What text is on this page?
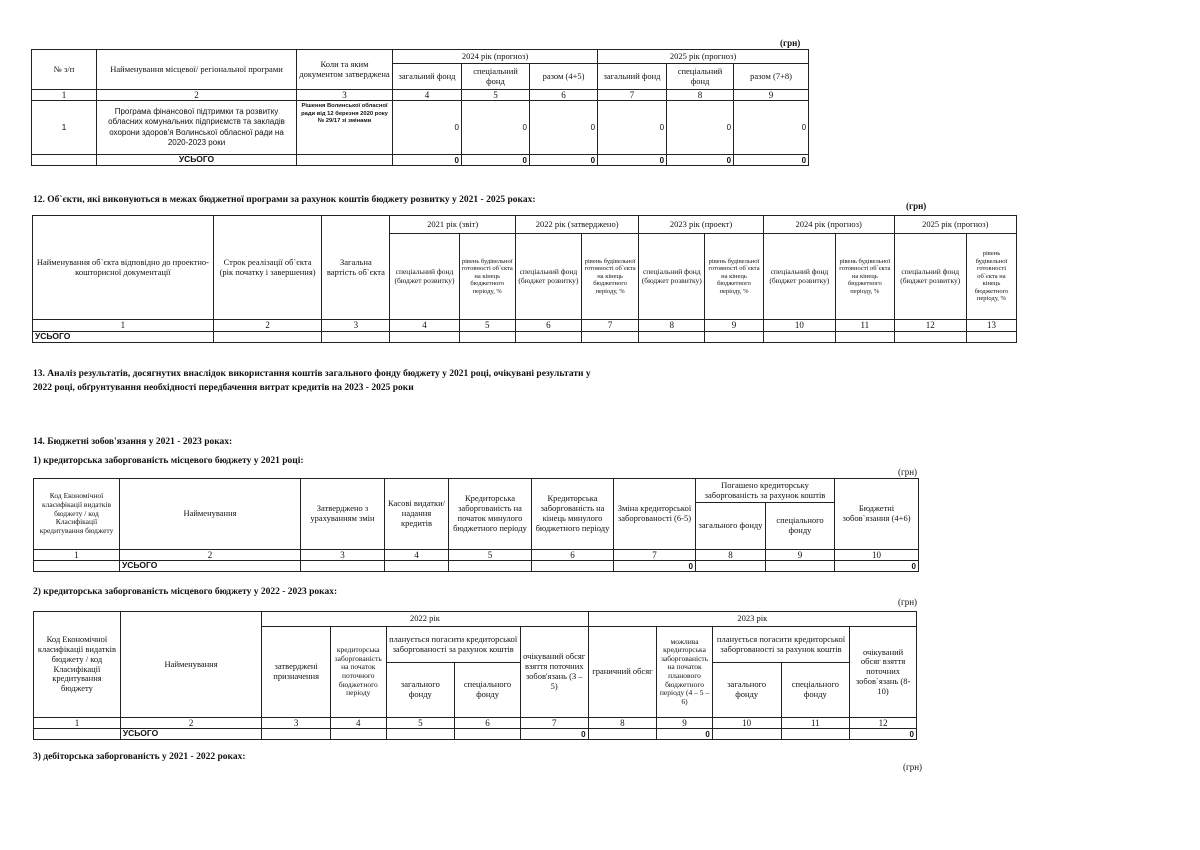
(грн)
№ з/п	Найменування місцевої/ регіональної програми	Коли та яким документом затверджена	2024 рік (прогноз)			2025 рік (прогноз)		
			загальний фонд	спеціальний фонд	разом (4+5)	загальний фонд	спеціальний фонд	разом (7+8)
1	2	3	4	5	6	7	8	9
1	Програма фінансової підтримки та розвитку обласних комунальних підприємств та закладів охорони здоров'я Волинської обласної ради на 2020-2023 роки	Рішення Волинської обласної ради від 12 березня 2020 року № 29/17 зі змінами	0	0	0	0	0	0
	УСЬОГО		0	0	0	0	0	0
12. Об`єкти, які виконуються в межах бюджетної програми за рахунок коштів бюджету розвитку у 2021 - 2025 роках:
(грн)
Найменування об`єкта відповідно до проектно-кошторисної документації	Строк реалізації об`єкта (рік початку і завершення)	Загальна вартість об`єкта	2021 рік (звіт)		2022 рік (затверджено)		2023 рік (проект)		2024 рік (прогноз)		2025 рік (прогноз)	
			спеціальний фонд (бюджет розвитку)	рівень будівельної готовності об`єкта на кінець бюджетного періоду, %	спеціальний фонд (бюджет розвитку)	рівень будівельної готовності об`єкта на кінець бюджетного періоду, %	спеціальний фонд (бюджет розвитку)	рівень будівельної готовності об`єкта на кінець бюджетного періоду, %	спеціальний фонд (бюджет розвитку)	рівень будівельної готовності об`єкта на кінець бюджетного періоду, %	спеціальний фонд (бюджет розвитку)	рівень будівельної готовності об`єкта на кінець бюджетного періоду, %
1	2	3	4	5	6	7	8	9	10	11	12	13
УСЬОГО												
13. Аналіз результатів, досягнутих внаслідок використання коштів загального фонду бюджету у 2021 році, очікувані результати у
2022 році, обґрунтування необхідності передбачення витрат кредитів на 2023 - 2025 роки
14. Бюджетні зобов'язання у 2021 - 2023 роках:
1) кредиторська заборгованість місцевого бюджету у 2021 році:
(грн)
Код Економічної класифікації видатків бюджету / код Класифікації кредитування бюджету	Найменування	Затверджено з урахуванням змін	Касові видатки/ надання кредитів	Кредиторська заборгованість на початок минулого бюджетного періоду	Кредиторська заборгованість на кінець минулого бюджетного періоду	Зміна кредиторської заборгованості (6-5)	Погашено кредиторську заборгованість за рахунок коштів		Бюджетні зобов`язання (4+6)
							загального фонду	спеціального фонду	
1	2	3	4	5	6	7	8	9	10
	УСЬОГО					0			0
2) кредиторська заборгованість місцевого бюджету у 2022 - 2023 роках:
(грн)
Код Економічної класифікації видатків бюджету / код Класифікації кредитування бюджету	Найменування	2022 рік					2023 рік				
		затверджені призначення	кредиторська заборгованість на початок поточного бюджетного періоду	планується погасити кредиторської заборгованості за рахунок коштів		очікуваний обсяг взяття поточних зобов'язань (3 – 5)	граничний обсяг	можлива кредиторська заборгованість на початок планового бюджетного періоду (4 – 5 – 6)	планується погасити кредиторської заборгованості за рахунок коштів		очікуваний обсяг взяття поточних зобов`язань (8-10)
				загального фонду	спеціального фонду				загального фонду	спеціального фонду	
1	2	3	4	5	6	7	8	9	10	11	12
	УСЬОГО					0		0			0
3) дебіторська заборгованість у 2021 - 2022 роках:
(грн)
